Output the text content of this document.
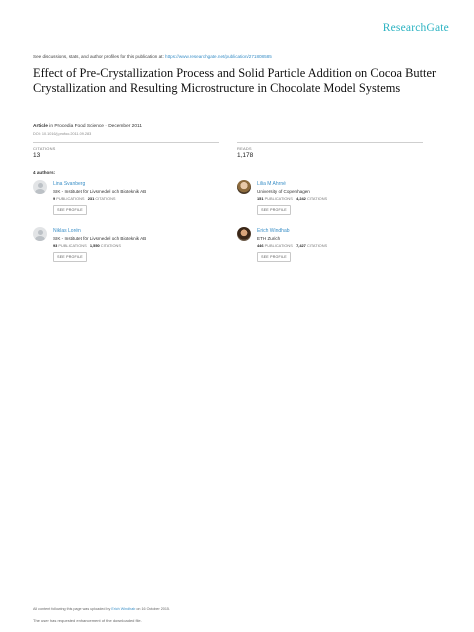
ResearchGate
See discussions, stats, and author profiles for this publication at: https://www.researchgate.net/publication/271808585
Effect of Pre-Crystallization Process and Solid Particle Addition on Cocoa Butter Crystallization and Resulting Microstructure in Chocolate Model Systems
Article in Procedia Food Science · December 2011
DOI: 10.1016/j.profoo.2011.09.283
CITATIONS
13
READS
1,178
4 authors:
Lina Svanberg
SIK - Institutet för Livsmedel och Bioteknik AB
9 PUBLICATIONS 231 CITATIONS
SEE PROFILE
Lilia M Ahrné
University of Copenhagen
151 PUBLICATIONS 4,242 CITATIONS
SEE PROFILE
Niklas Lorén
SIK - Institutet för Livsmedel och Bioteknik AB
93 PUBLICATIONS 1,550 CITATIONS
SEE PROFILE
Erich Windhab
ETH Zurich
446 PUBLICATIONS 7,427 CITATIONS
SEE PROFILE
All content following this page was uploaded by Erich Windhab on 16 October 2015.
The user has requested enhancement of the downloaded file.
